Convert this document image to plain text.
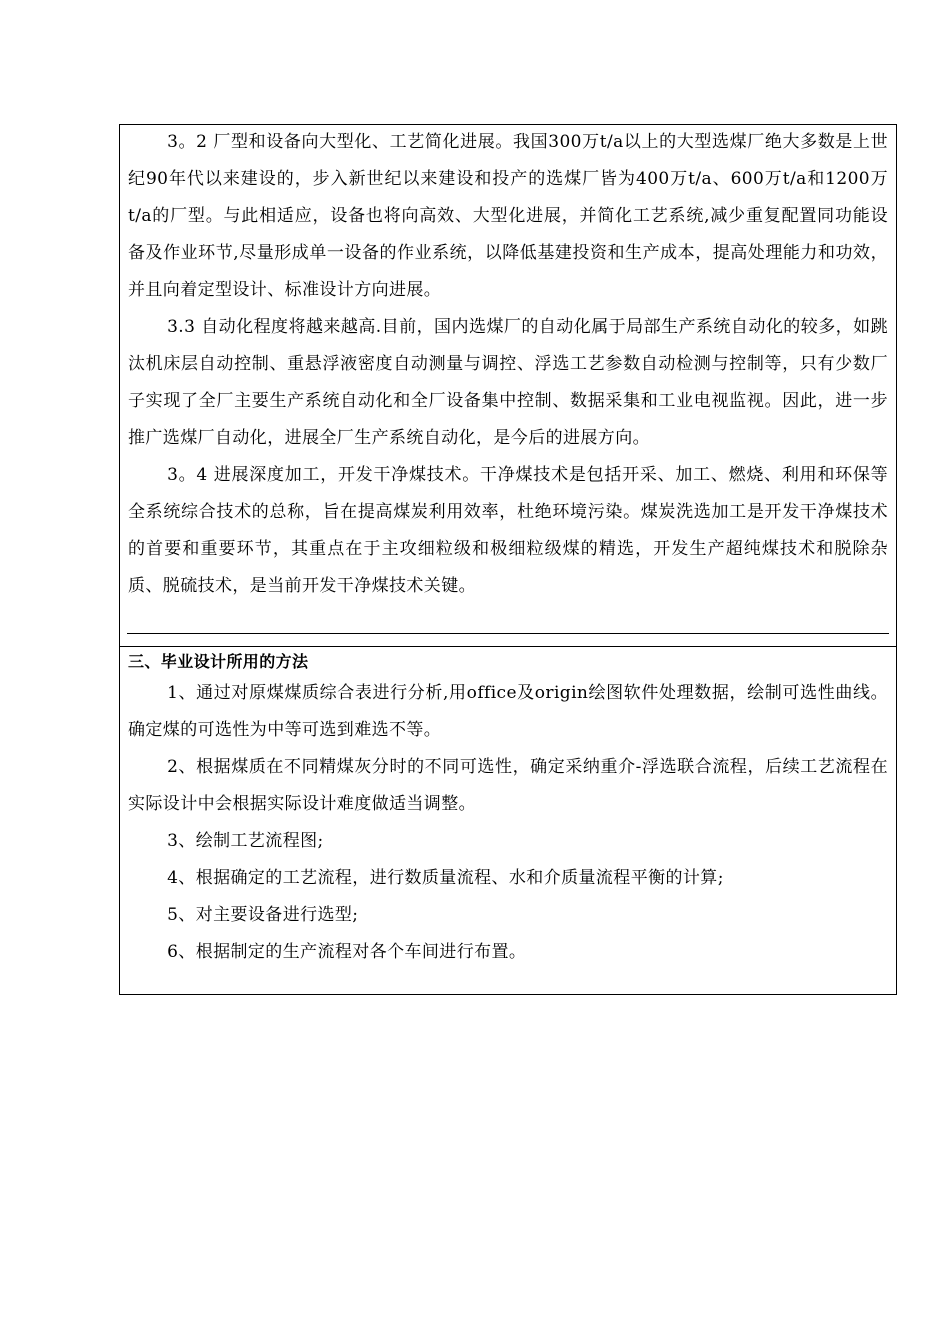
3。2 厂型和设备向大型化、工艺简化进展。我国300万t/a以上的大型选煤厂绝大多数是上世纪90年代以来建设的，步入新世纪以来建设和投产的选煤厂皆为400万t/a、600万t/a和1200万t/a的厂型。与此相适应，设备也将向高效、大型化进展，并简化工艺系统,减少重复配置同功能设备及作业环节,尽量形成单一设备的作业系统，以降低基建投资和生产成本，提高处理能力和功效，并且向着定型设计、标准设计方向进展。

3.3 自动化程度将越来越高.目前，国内选煤厂的自动化属于局部生产系统自动化的较多，如跳汰机床层自动控制、重悬浮液密度自动测量与调控、浮选工艺参数自动检测与控制等，只有少数厂子实现了全厂主要生产系统自动化和全厂设备集中控制、数据采集和工业电视监视。因此，进一步推广选煤厂自动化，进展全厂生产系统自动化，是今后的进展方向。

3。4 进展深度加工，开发干净煤技术。干净煤技术是包括开采、加工、燃烧、利用和环保等全系统综合技术的总称，旨在提高煤炭利用效率，杜绝环境污染。煤炭洗选加工是开发干净煤技术的首要和重要环节，其重点在于主攻细粒级和极细粒级煤的精选，开发生产超纯煤技术和脱除杂质、脱硫技术，是当前开发干净煤技术关键。

三、毕业设计所用的方法

1、通过对原煤煤质综合表进行分析,用office及origin绘图软件处理数据，绘制可选性曲线。确定煤的可选性为中等可选到难选不等。

2、根据煤质在不同精煤灰分时的不同可选性，确定采纳重介-浮选联合流程，后续工艺流程在实际设计中会根据实际设计难度做适当调整。

3、绘制工艺流程图;

4、根据确定的工艺流程，进行数质量流程、水和介质量流程平衡的计算;

5、对主要设备进行选型;

6、根据制定的生产流程对各个车间进行布置。
